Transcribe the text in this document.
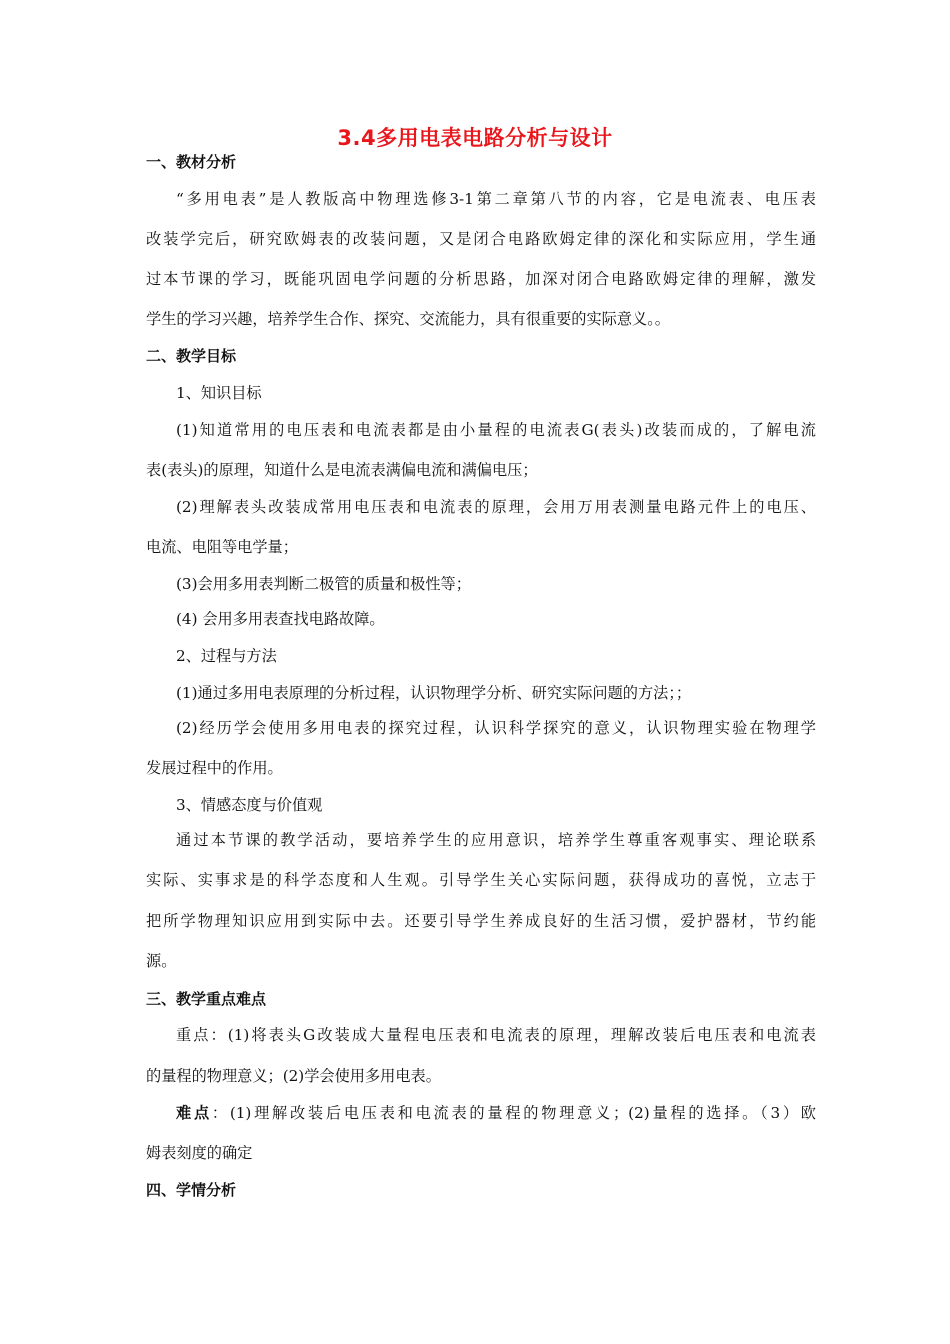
3.4多用电表电路分析与设计
一、教材分析
“多用电表”是人教版高中物理选修3-1第二章第八节的内容，它是电流表、电压表
改装学完后，研究欧姆表的改装问题，又是闭合电路欧姆定律的深化和实际应用，学生通
过本节课的学习，既能巩固电学问题的分析思路，加深对闭合电路欧姆定律的理解，激发
学生的学习兴趣，培养学生合作、探究、交流能力，具有很重要的实际意义。。
二、教学目标
1、知识目标
(1)知道常用的电压表和电流表都是由小量程的电流表G(表头)改装而成的，了解电流
表(表头)的原理，知道什么是电流表满偏电流和满偏电压；
(2)理解表头改装成常用电压表和电流表的原理，会用万用表测量电路元件上的电压、
电流、电阻等电学量；
(3)会用多用表判断二极管的质量和极性等；
(4) 会用多用表查找电路故障。
2、过程与方法
(1)通过多用电表原理的分析过程，认识物理学分析、研究实际问题的方法；；
(2)经历学会使用多用电表的探究过程，认识科学探究的意义，认识物理实验在物理学
发展过程中的作用。
3、情感态度与价值观
通过本节课的教学活动，要培养学生的应用意识，培养学生尊重客观事实、理论联系
实际、实事求是的科学态度和人生观。引导学生关心实际问题，获得成功的喜悦，立志于
把所学物理知识应用到实际中去。还要引导学生养成良好的生活习惯，爱护器材，节约能
源。
三、教学重点难点
重点：(1)将表头G改装成大量程电压表和电流表的原理，理解改装后电压表和电流表
的量程的物理意义；(2)学会使用多用电表。
难点：(1)理解改装后电压表和电流表的量程的物理意义；(2)量程的选择。（3）欧
姆表刻度的确定
四、学情分析
